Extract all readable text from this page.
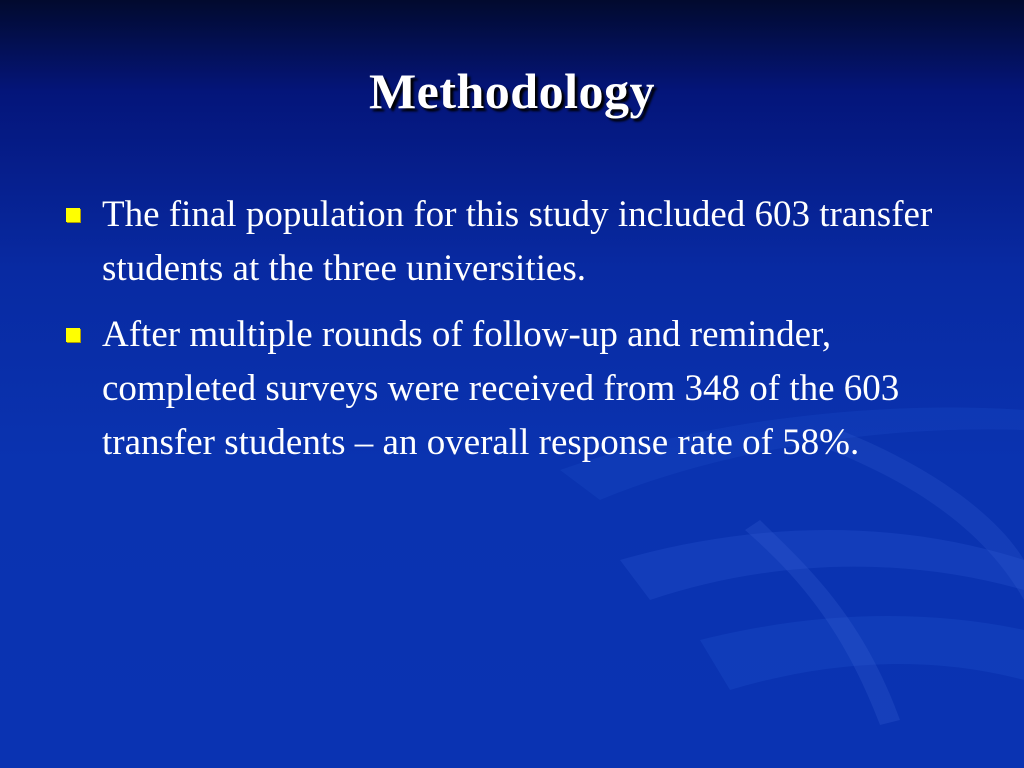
Methodology
The final population for this study included 603 transfer students at the three universities.
After multiple rounds of follow-up and reminder, completed surveys were received from 348 of the 603 transfer students – an overall response rate of 58%.
